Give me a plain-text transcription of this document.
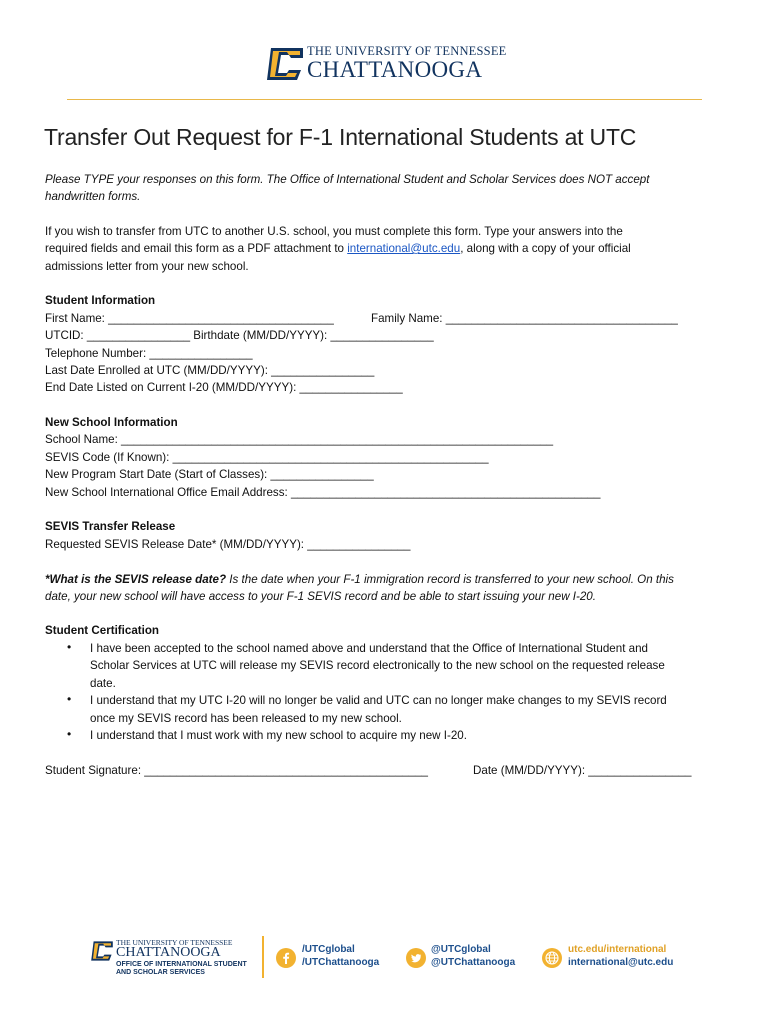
THE UNIVERSITY OF TENNESSEE
CHATTANOOGA
Transfer Out Request for F-1 International Students at UTC
Please TYPE your responses on this form. The Office of International Student and Scholar Services does NOT accept
handwritten forms.
If you wish to transfer from UTC to another U.S. school, you must complete this form. Type your answers into the
required fields and email this form as a PDF attachment to international@utc.edu, along with a copy of your official
admissions letter from your new school.
Student Information
First Name: ___________________________________	Family Name: ____________________________________
UTCID: ________________ Birthdate (MM/DD/YYYY): ________________
Telephone Number: ________________
Last Date Enrolled at UTC (MM/DD/YYYY): ________________
End Date Listed on Current I-20 (MM/DD/YYYY): ________________
New School Information
School Name: ___________________________________________________________________
SEVIS Code (If Known): _________________________________________________
New Program Start Date (Start of Classes): ________________
New School International Office Email Address: ________________________________________________
SEVIS Transfer Release
Requested SEVIS Release Date* (MM/DD/YYYY): ________________
*What is the SEVIS release date? Is the date when your F-1 immigration record is transferred to your new school. On this
date, your new school will have access to your F-1 SEVIS record and be able to start issuing your new I-20.
Student Certification
• I have been accepted to the school named above and understand that the Office of International Student and
Scholar Services at UTC will release my SEVIS record electronically to the new school on the requested release
date.
• I understand that my UTC I-20 will no longer be valid and UTC can no longer make changes to my SEVIS record
once my SEVIS record has been released to my new school.
• I understand that I must work with my new school to acquire my new I-20.
Student Signature: ____________________________________________	Date (MM/DD/YYYY): ________________
THE UNIVERSITY OF TENNESSEE
CHATTANOOGA
OFFICE OF INTERNATIONAL STUDENT
AND SCHOLAR SERVICES
/UTCglobal
/UTChattanooga
@UTCglobal
@UTChattanooga
utc.edu/international
international@utc.edu
